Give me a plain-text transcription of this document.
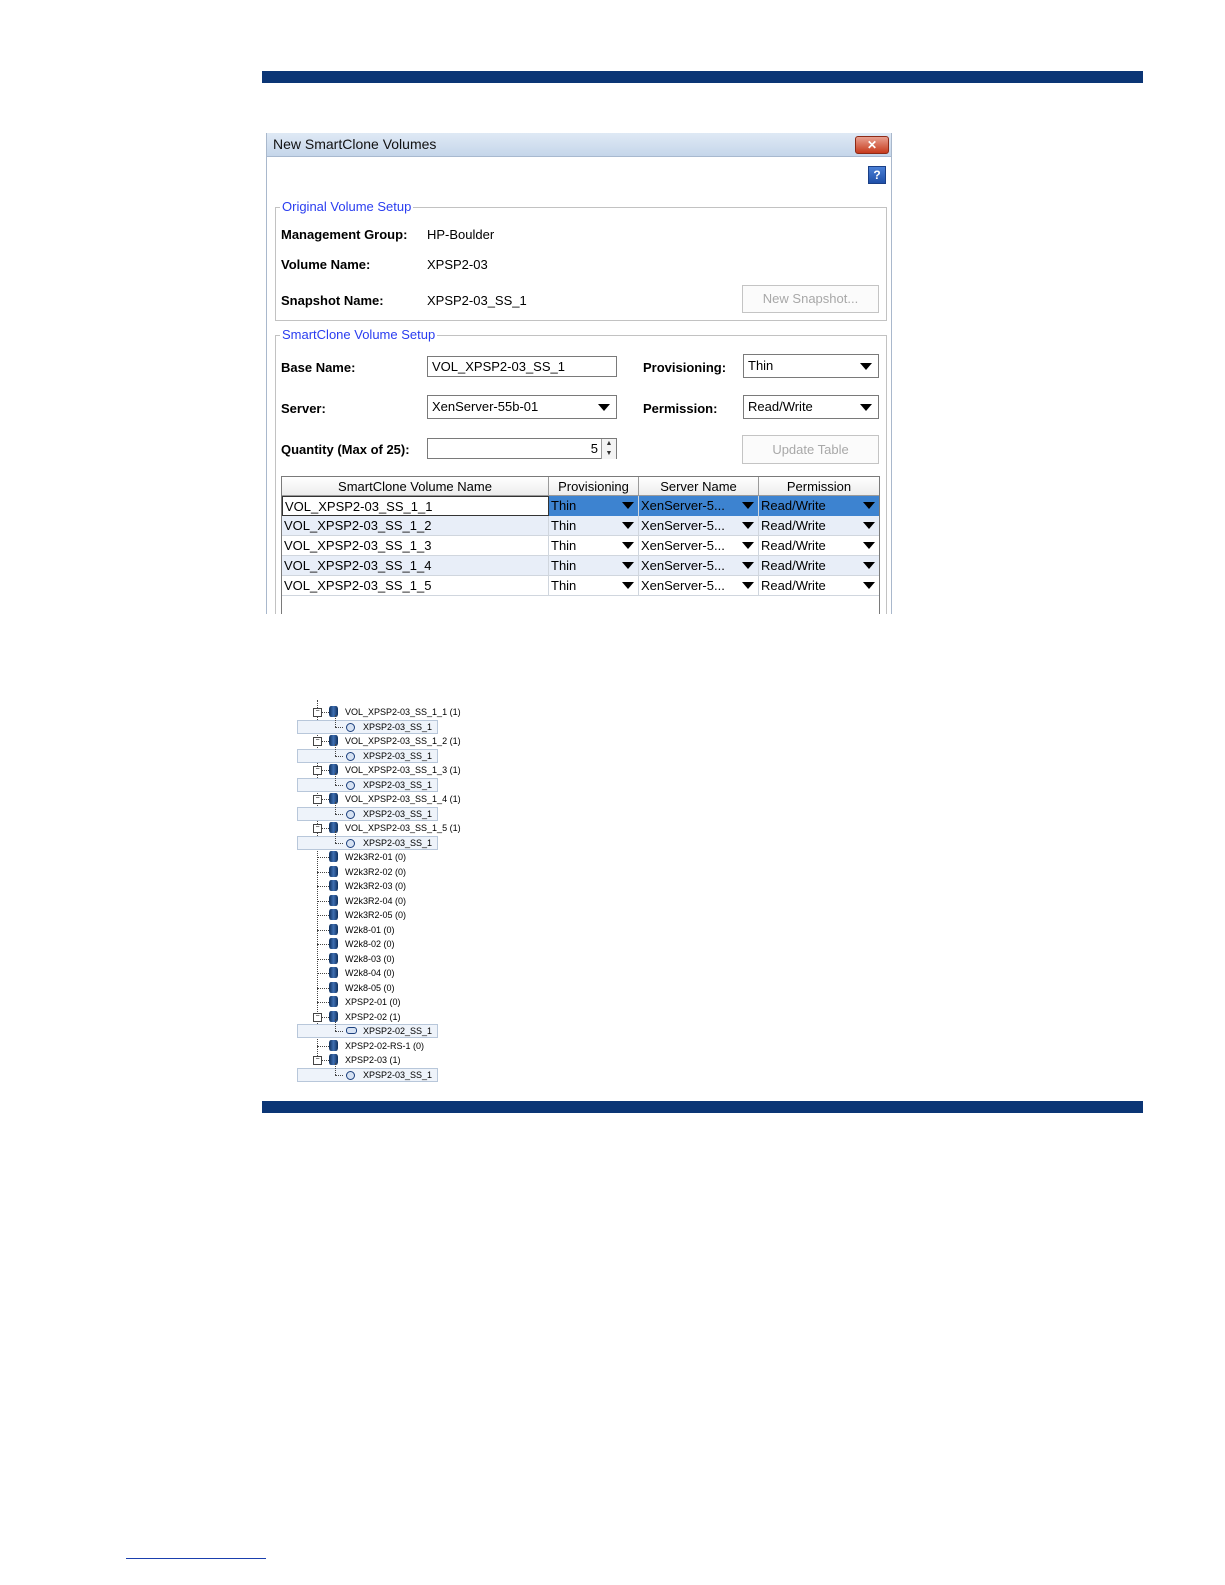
New SmartClone Volumes	✕
?
Original Volume Setup
Management Group: HP-Boulder
Volume Name:	XPSP2-03
Snapshot Name:	XPSP2-03_SS_1	New Snapshot...
SmartClone Volume Setup
Base Name:	VOL_XPSP2-03_SS_1	Provisioning:	Thin
Server:	XenServer-55b-01	Permission:	Read/Write
Quantity (Max of 25):	5	▲
▼	Update Table
SmartClone Volume Name	Provisioning	Server Name	Permission
VOL_XPSP2-03_SS_1_1	Thin	XenServer-5...	Read/Write
VOL_XPSP2-03_SS_1_2	Thin	XenServer-5...	Read/Write
VOL_XPSP2-03_SS_1_3	Thin	XenServer-5...	Read/Write
VOL_XPSP2-03_SS_1_4	Thin	XenServer-5...	Read/Write
VOL_XPSP2-03_SS_1_5	Thin	XenServer-5...	Read/Write
−	VOL_XPSP2-03_SS_1_1 (1)
XPSP2-03_SS_1
−	VOL_XPSP2-03_SS_1_2 (1)
XPSP2-03_SS_1
−	VOL_XPSP2-03_SS_1_3 (1)
XPSP2-03_SS_1
−	VOL_XPSP2-03_SS_1_4 (1)
XPSP2-03_SS_1
−	VOL_XPSP2-03_SS_1_5 (1)
XPSP2-03_SS_1
W2k3R2-01 (0)
W2k3R2-02 (0)
W2k3R2-03 (0)
W2k3R2-04 (0)
W2k3R2-05 (0)
W2k8-01 (0)
W2k8-02 (0)
W2k8-03 (0)
W2k8-04 (0)
W2k8-05 (0)
XPSP2-01 (0)
−	XPSP2-02 (1)
XPSP2-02_SS_1
XPSP2-02-RS-1 (0)
−	XPSP2-03 (1)
XPSP2-03_SS_1
